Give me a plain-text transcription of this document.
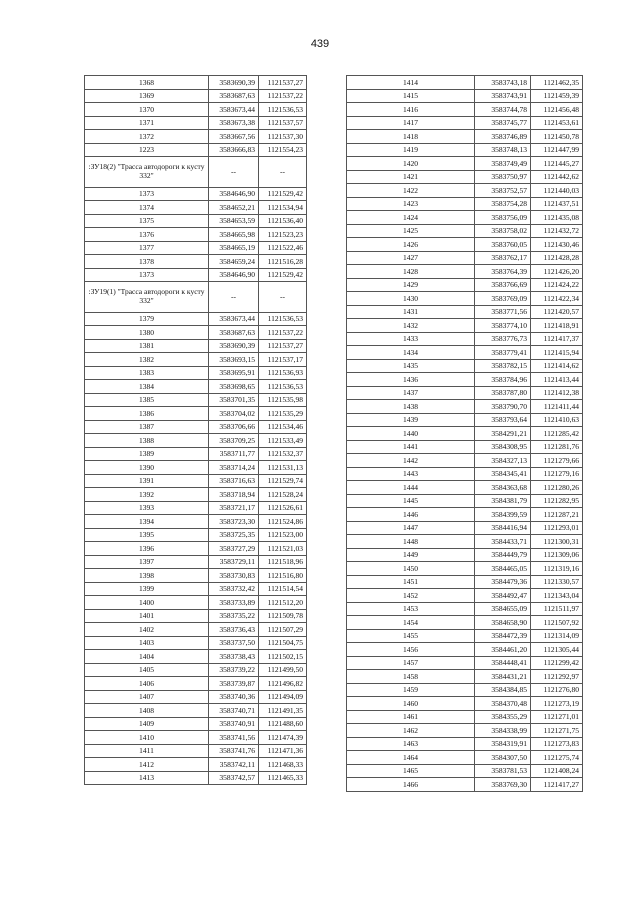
439
1368	3583690,39	1121537,27
1369	3583687,63	1121537,22
1370	3583673,44	1121536,53
1371	3583673,38	1121537,57
1372	3583667,56	1121537,30
1223	3583666,83	1121554,23
:ЗУ18(2) "Трасса автодороги к кусту 332"	--	--
1373	3584646,90	1121529,42
1374	3584652,21	1121534,94
1375	3584653,59	1121536,40
1376	3584665,98	1121523,23
1377	3584665,19	1121522,46
1378	3584659,24	1121516,28
1373	3584646,90	1121529,42
:ЗУ19(1) "Трасса автодороги к кусту 332"	--	--
1379	3583673,44	1121536,53
1380	3583687,63	1121537,22
1381	3583690,39	1121537,27
1382	3583693,15	1121537,17
1383	3583695,91	1121536,93
1384	3583698,65	1121536,53
1385	3583701,35	1121535,98
1386	3583704,02	1121535,29
1387	3583706,66	1121534,46
1388	3583709,25	1121533,49
1389	3583711,77	1121532,37
1390	3583714,24	1121531,13
1391	3583716,63	1121529,74
1392	3583718,94	1121528,24
1393	3583721,17	1121526,61
1394	3583723,30	1121524,86
1395	3583725,35	1121523,00
1396	3583727,29	1121521,03
1397	3583729,11	1121518,96
1398	3583730,83	1121516,80
1399	3583732,42	1121514,54
1400	3583733,89	1121512,20
1401	3583735,22	1121509,78
1402	3583736,43	1121507,29
1403	3583737,50	1121504,75
1404	3583738,43	1121502,15
1405	3583739,22	1121499,50
1406	3583739,87	1121496,82
1407	3583740,36	1121494,09
1408	3583740,71	1121491,35
1409	3583740,91	1121488,60
1410	3583741,56	1121474,39
1411	3583741,76	1121471,36
1412	3583742,11	1121468,33
1413	3583742,57	1121465,33
1414	3583743,18	1121462,35
1415	3583743,91	1121459,39
1416	3583744,78	1121456,48
1417	3583745,77	1121453,61
1418	3583746,89	1121450,78
1419	3583748,13	1121447,99
1420	3583749,49	1121445,27
1421	3583750,97	1121442,62
1422	3583752,57	1121440,03
1423	3583754,28	1121437,51
1424	3583756,09	1121435,08
1425	3583758,02	1121432,72
1426	3583760,05	1121430,46
1427	3583762,17	1121428,28
1428	3583764,39	1121426,20
1429	3583766,69	1121424,22
1430	3583769,09	1121422,34
1431	3583771,56	1121420,57
1432	3583774,10	1121418,91
1433	3583776,73	1121417,37
1434	3583779,41	1121415,94
1435	3583782,15	1121414,62
1436	3583784,96	1121413,44
1437	3583787,80	1121412,38
1438	3583790,70	1121411,44
1439	3583793,64	1121410,63
1440	3584291,21	1121285,42
1441	3584308,95	1121281,76
1442	3584327,13	1121279,66
1443	3584345,41	1121279,16
1444	3584363,68	1121280,26
1445	3584381,79	1121282,95
1446	3584399,59	1121287,21
1447	3584416,94	1121293,01
1448	3584433,71	1121300,31
1449	3584449,79	1121309,06
1450	3584465,05	1121319,16
1451	3584479,36	1121330,57
1452	3584492,47	1121343,04
1453	3584655,09	1121511,97
1454	3584658,90	1121507,92
1455	3584472,39	1121314,09
1456	3584461,20	1121305,44
1457	3584448,41	1121299,42
1458	3584431,21	1121292,97
1459	3584384,85	1121276,80
1460	3584370,48	1121273,19
1461	3584355,29	1121271,01
1462	3584338,99	1121271,75
1463	3584319,91	1121273,83
1464	3584307,50	1121275,74
1465	3583781,53	1121408,24
1466	3583769,30	1121417,27
